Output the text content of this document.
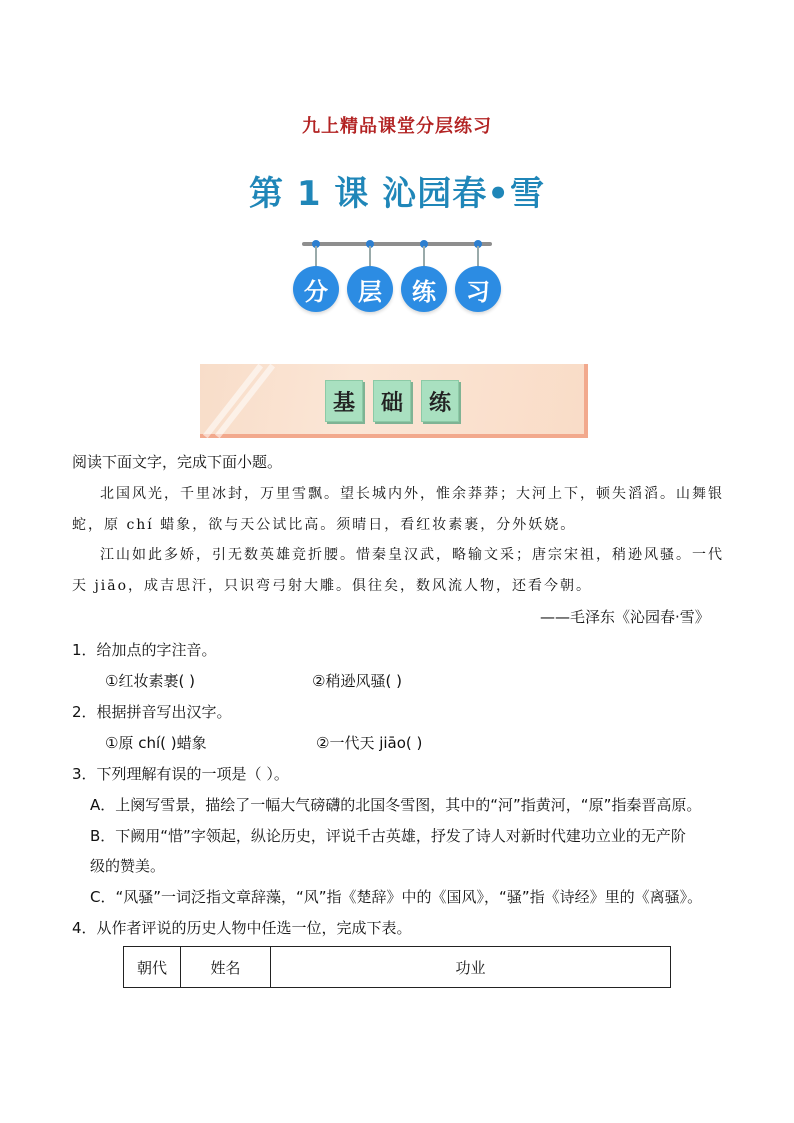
九上精品课堂分层练习
第 1 课 沁园春•雪
分	层	练	习
基	础	练
阅读下面文字，完成下面小题。
北国风光，千里冰封，万里雪飘。望长城内外，惟余莽莽；大河上下，顿失滔滔。山舞银
蛇，原 chí 蜡象，欲与天公试比高。须晴日，看红妆素裹，分外妖娆。
江山如此多娇，引无数英雄竞折腰。惜秦皇汉武，略输文采；唐宗宋祖，稍逊风骚。一代
天 jiāo，成吉思汗，只识弯弓射大雕。俱往矣，数风流人物，还看今朝。
——毛泽东《沁园春·雪》
1．给加点的字注音。
①红妆素裹( )	②稍逊风骚( )
2．根据拼音写出汉字。
①原 chí( )蜡象	②一代天 jiāo( )
3．下列理解有误的一项是（ ）。
A．上阕写雪景，描绘了一幅大气磅礴的北国冬雪图，其中的“河”指黄河，“原”指秦晋高原。
B．下阙用“惜”字领起，纵论历史，评说千古英雄，抒发了诗人对新时代建功立业的无产阶
级的赞美。
C．“风骚”一词泛指文章辞藻，“风”指《楚辞》中的《国风》，“骚”指《诗经》里的《离骚》。
4．从作者评说的历史人物中任选一位，完成下表。
朝代	姓名	功业
